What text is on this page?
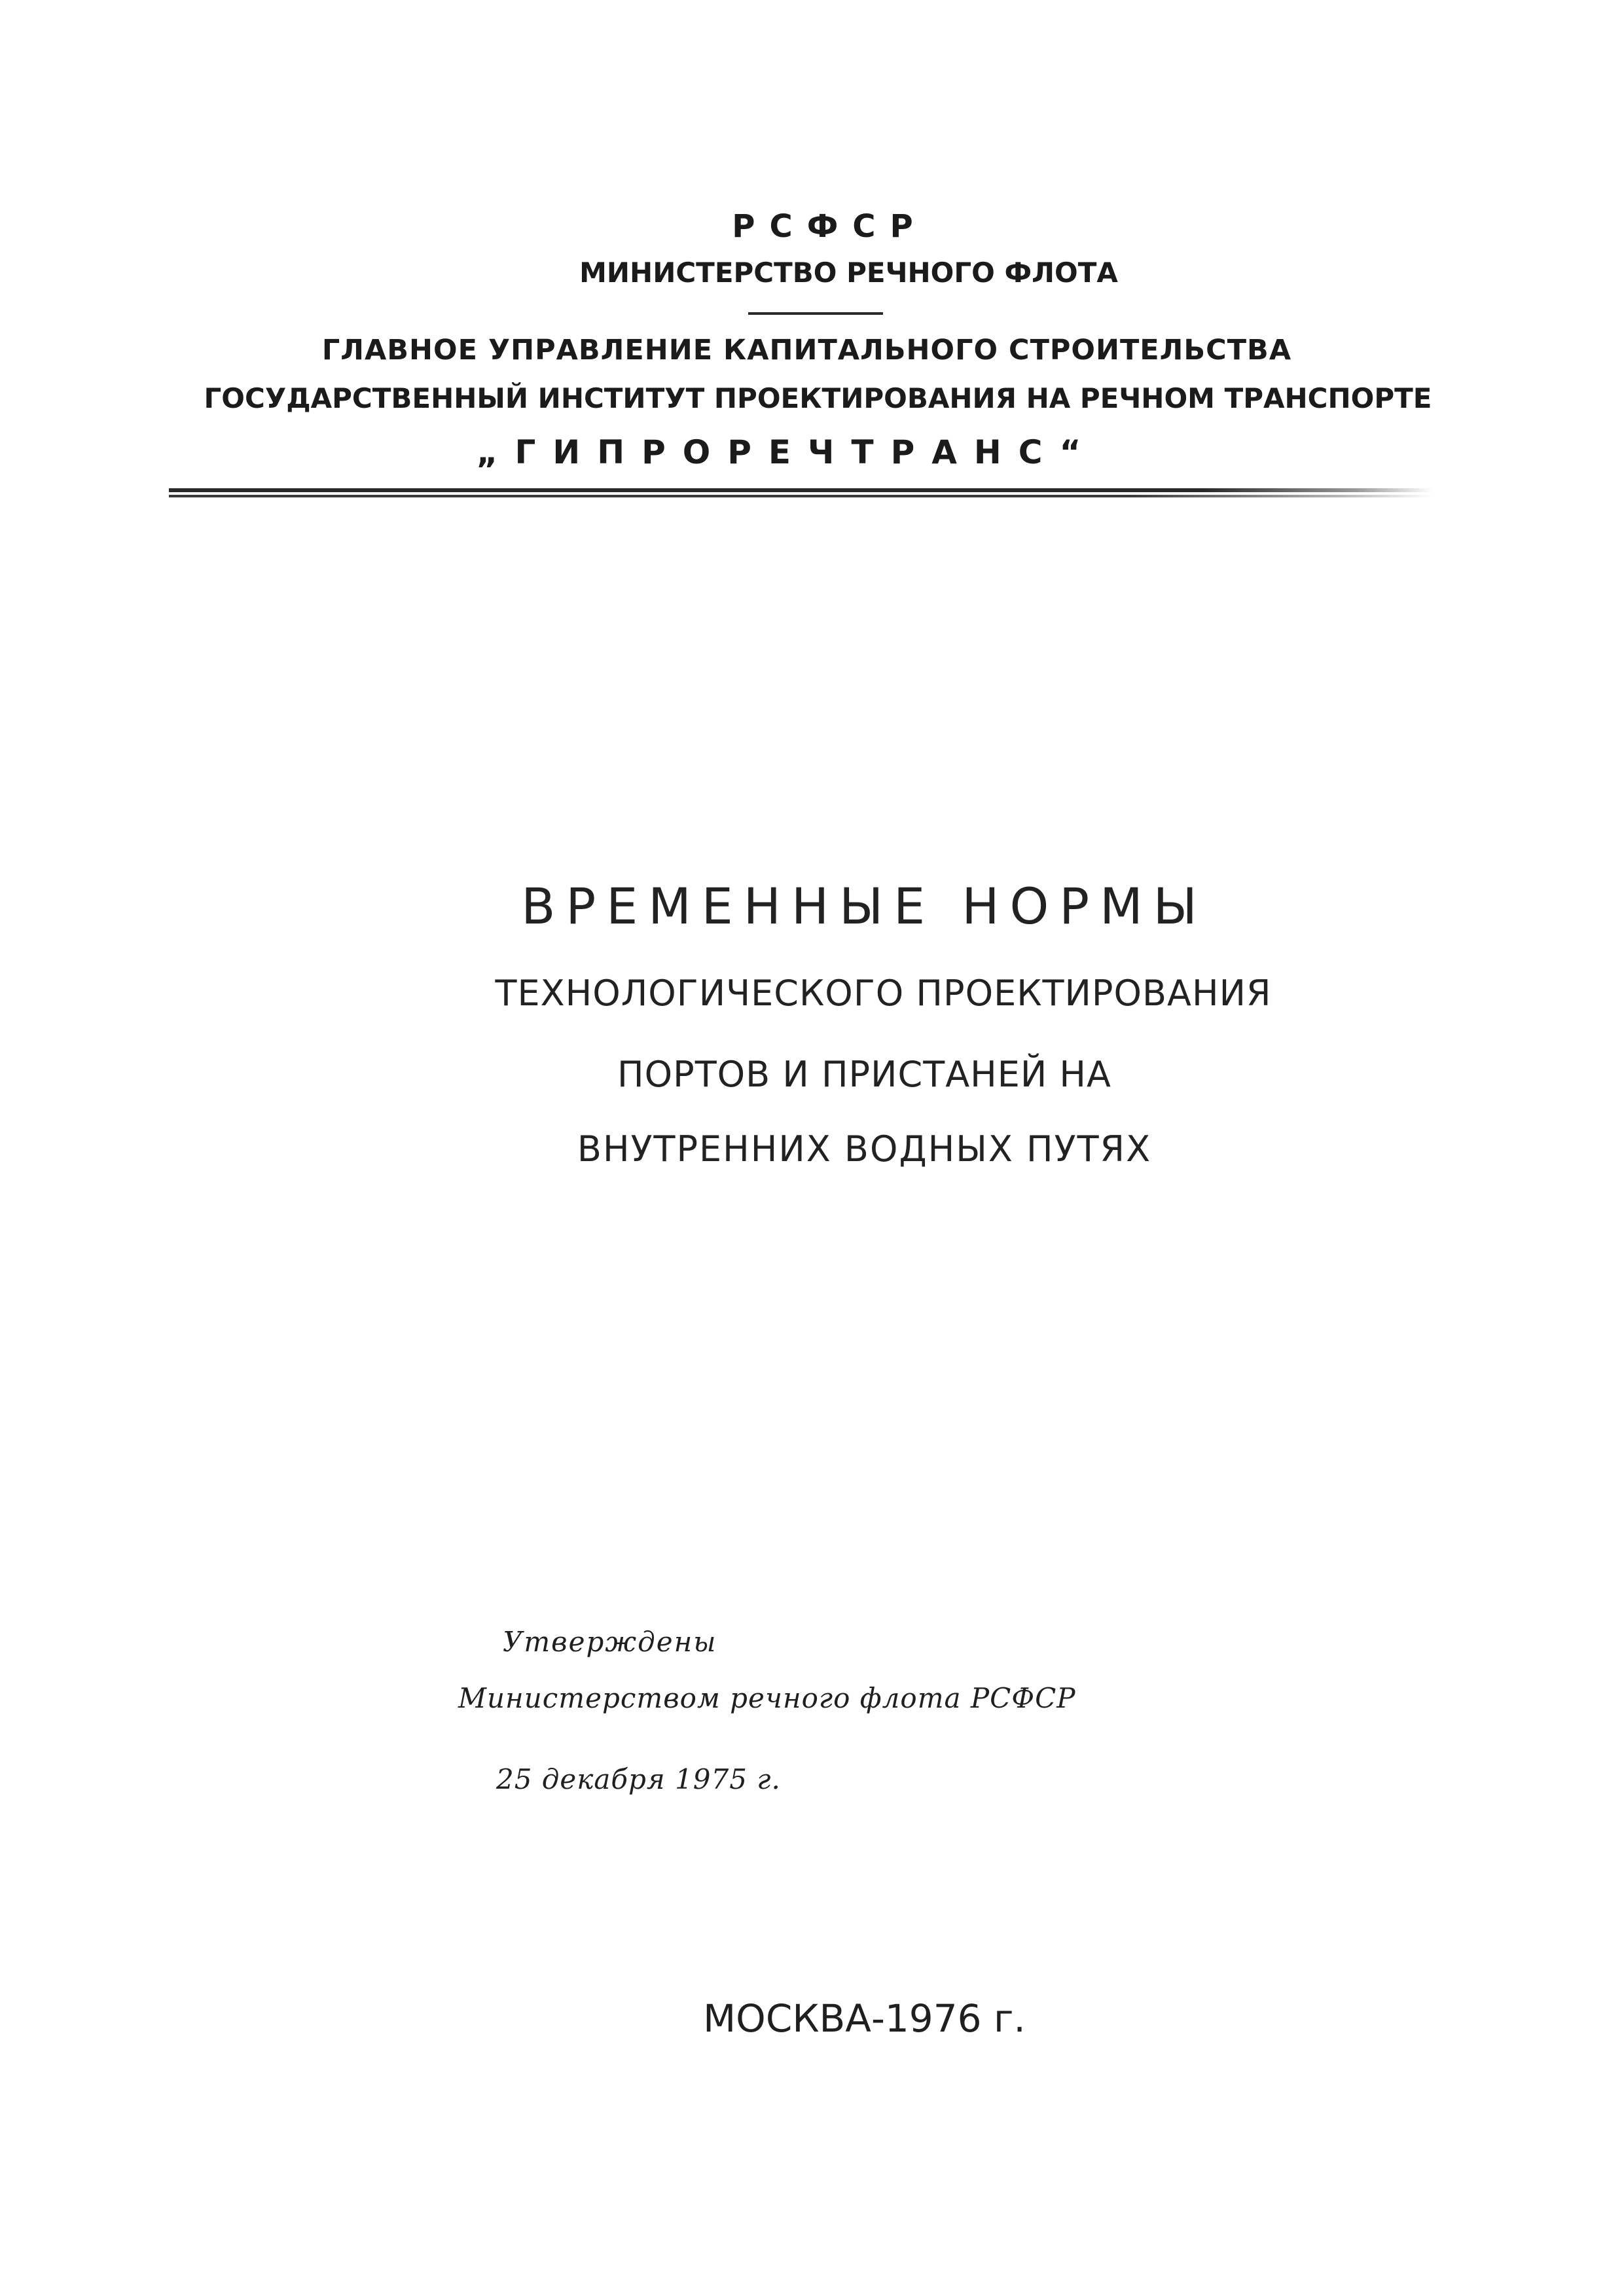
РСФСР
МИНИСТЕРСТВО РЕЧНОГО ФЛОТА
ГЛАВНОЕ УПРАВЛЕНИЕ КАПИТАЛЬНОГО СТРОИТЕЛЬСТВА
ГОСУДАРСТВЕННЫЙ ИНСТИТУТ ПРОЕКТИРОВАНИЯ НА РЕЧНОМ ТРАНСПОРТЕ
„ГИПРОРЕЧТРАНС“
ВРЕМЕННЫЕ НОРМЫ
ТЕХНОЛОГИЧЕСКОГО ПРОЕКТИРОВАНИЯ
ПОРТОВ И ПРИСТАНЕЙ НА
ВНУТРЕННИХ ВОДНЫХ ПУТЯХ
Утверждены
Министерством речного флота РСФСР
25 декабря 1975 г.
МОСКВА-1976 г.
